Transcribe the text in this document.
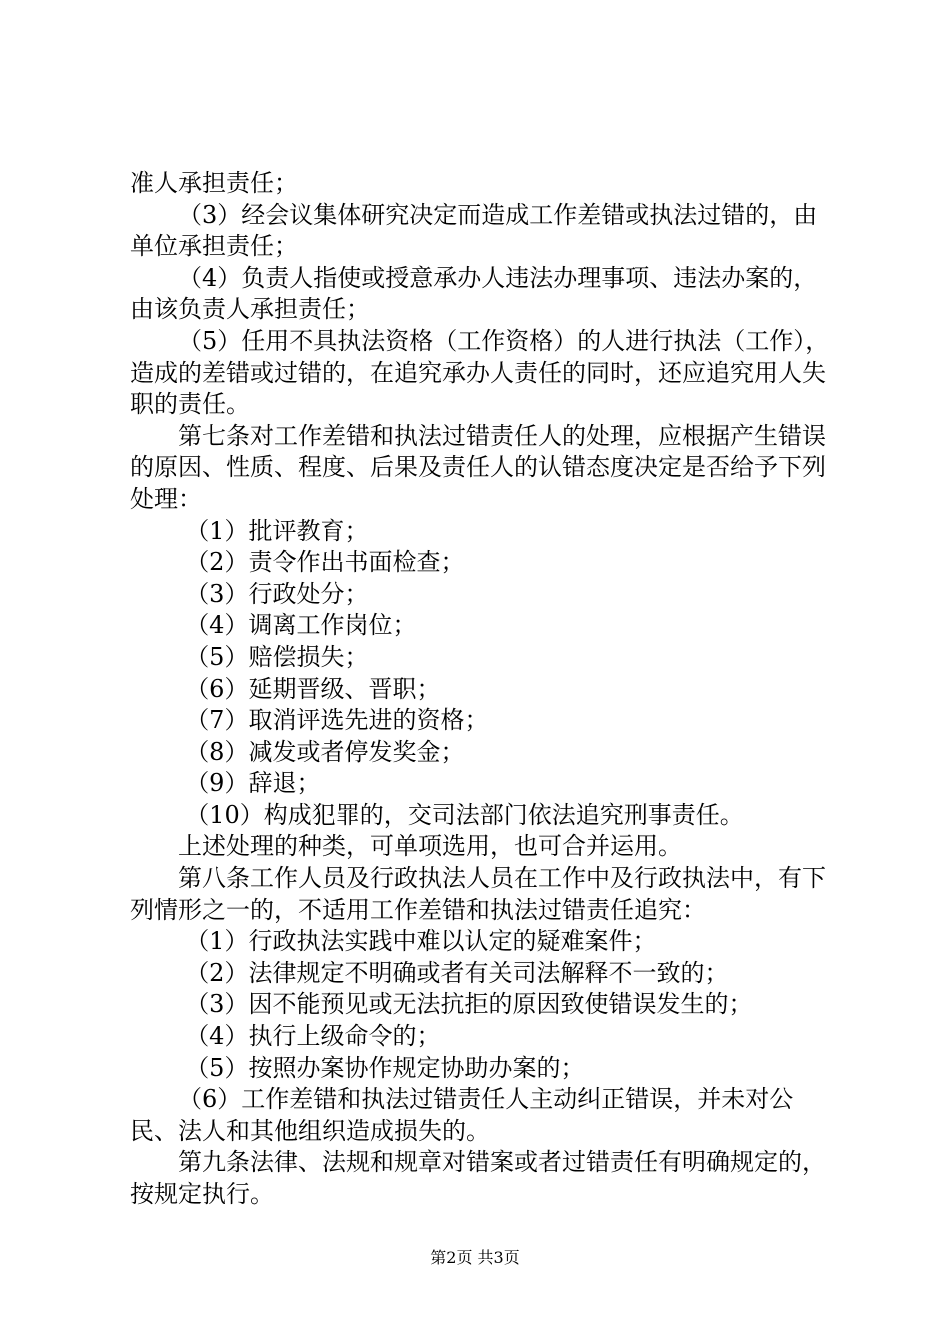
准人承担责任；

（3）经会议集体研究决定而造成工作差错或执法过错的，由单位承担责任；

（4）负责人指使或授意承办人违法办理事项、违法办案的，由该负责人承担责任；

（5）任用不具执法资格（工作资格）的人进行执法（工作），造成的差错或过错的，在追究承办人责任的同时，还应追究用人失职的责任。

第七条对工作差错和执法过错责任人的处理，应根据产生错误的原因、性质、程度、后果及责任人的认错态度决定是否给予下列处理：

（1）批评教育；

（2）责令作出书面检查；

（3）行政处分；

（4）调离工作岗位；

（5）赔偿损失；

（6）延期晋级、晋职；

（7）取消评选先进的资格；

（8）减发或者停发奖金；

（9）辞退；

（10）构成犯罪的，交司法部门依法追究刑事责任。

上述处理的种类，可单项选用，也可合并运用。

第八条工作人员及行政执法人员在工作中及行政执法中，有下列情形之一的，不适用工作差错和执法过错责任追究：

（1）行政执法实践中难以认定的疑难案件；

（2）法律规定不明确或者有关司法解释不一致的；

（3）因不能预见或无法抗拒的原因致使错误发生的；

（4）执行上级命令的；

（5）按照办案协作规定协助办案的；

（6）工作差错和执法过错责任人主动纠正错误，并未对公民、法人和其他组织造成损失的。

第九条法律、法规和规章对错案或者过错责任有明确规定的，按规定执行。

第2页 共3页
